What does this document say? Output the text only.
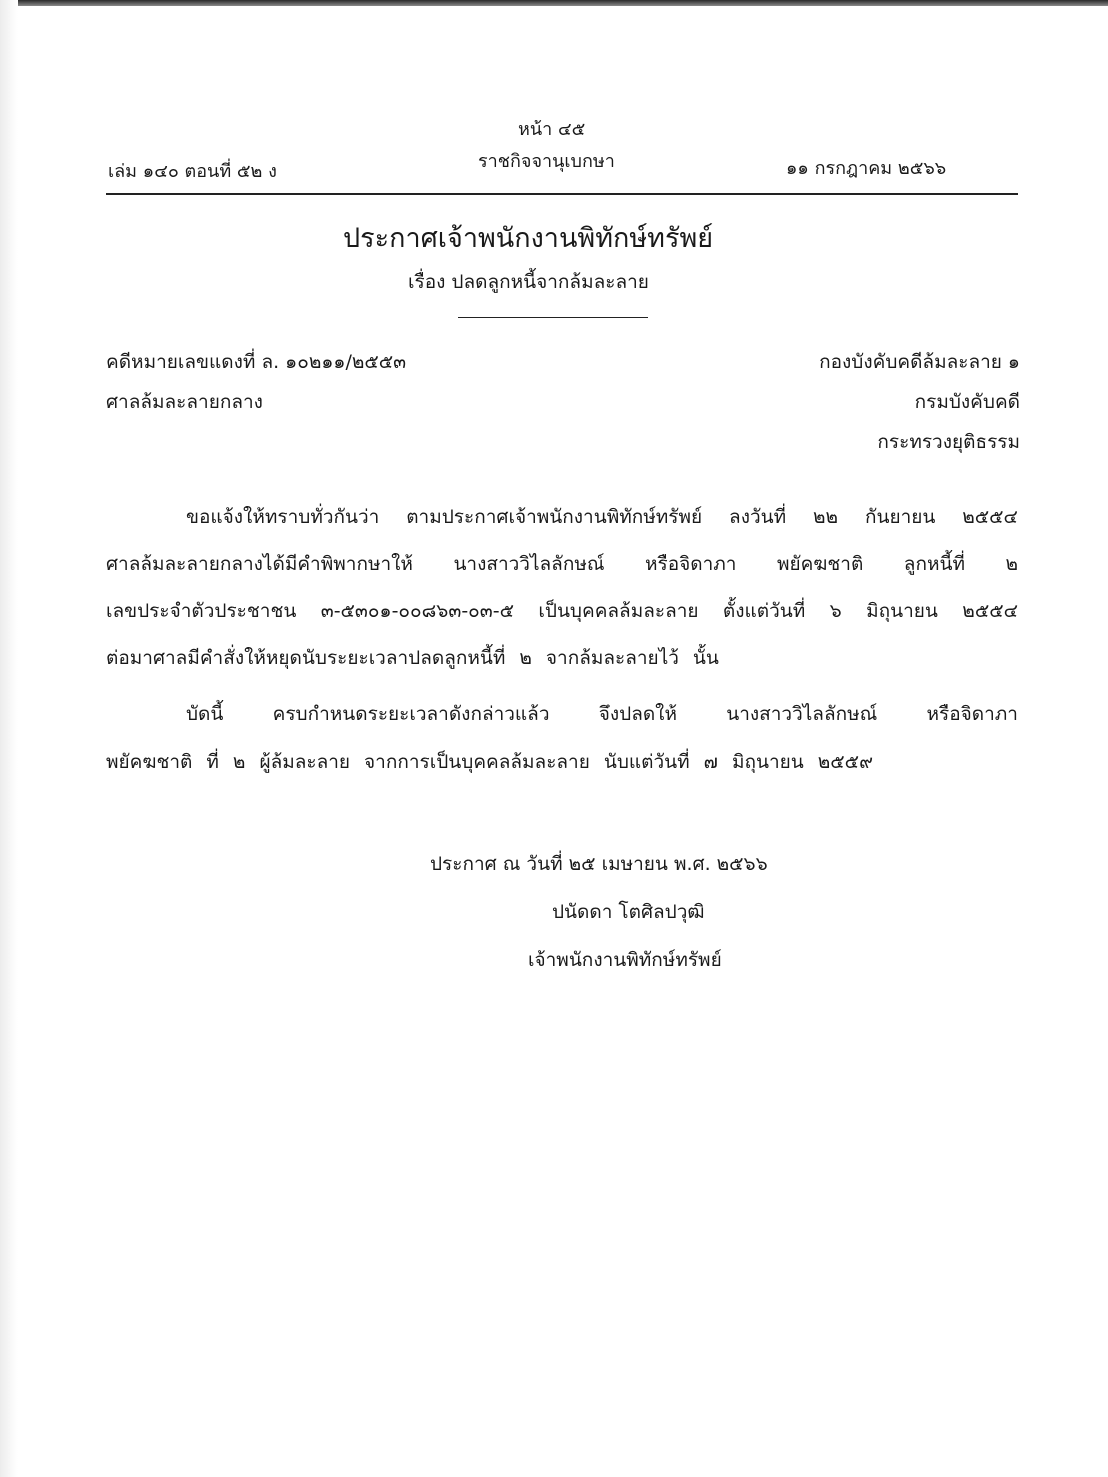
หน้า ๔๕
เล่ม ๑๔๐ ตอนที่ ๕๒ ง	ราชกิจจานุเบกษา	๑๑ กรกฎาคม ๒๕๖๖
ประกาศเจ้าพนักงานพิทักษ์ทรัพย์
เรื่อง ปลดลูกหนี้จากล้มละลาย
คดีหมายเลขแดงที่ ล. ๑๐๒๑๑/๒๕๕๓
ศาลล้มละลายกลาง
กองบังคับคดีล้มละลาย ๑
กรมบังคับคดี
กระทรวงยุติธรรม
ขอแจ้งให้ทราบทั่วกันว่า ตามประกาศเจ้าพนักงานพิทักษ์ทรัพย์ ลงวันที่ ๒๒ กันยายน ๒๕๕๔
ศาลล้มละลายกลางได้มีคำพิพากษาให้ นางสาววิไลลักษณ์ หรือจิดาภา พยัคฆชาติ ลูกหนี้ที่ ๒
เลขประจำตัวประชาชน ๓-๕๓๐๑-๐๐๘๖๓-๐๓-๕ เป็นบุคคลล้มละลาย ตั้งแต่วันที่ ๖ มิถุนายน ๒๕๕๔
ต่อมาศาลมีคำสั่งให้หยุดนับระยะเวลาปลดลูกหนี้ที่ ๒ จากล้มละลายไว้ นั้น
บัดนี้	ครบกำหนดระยะเวลาดังกล่าวแล้ว	จึงปลดให้	นางสาววิไลลักษณ์	หรือจิดาภา
พยัคฆชาติ ที่ ๒ ผู้ล้มละลาย จากการเป็นบุคคลล้มละลาย นับแต่วันที่ ๗ มิถุนายน ๒๕๕๙
ประกาศ ณ วันที่ ๒๕ เมษายน พ.ศ. ๒๕๖๖
ปนัดดา โตศิลปวุฒิ
เจ้าพนักงานพิทักษ์ทรัพย์
